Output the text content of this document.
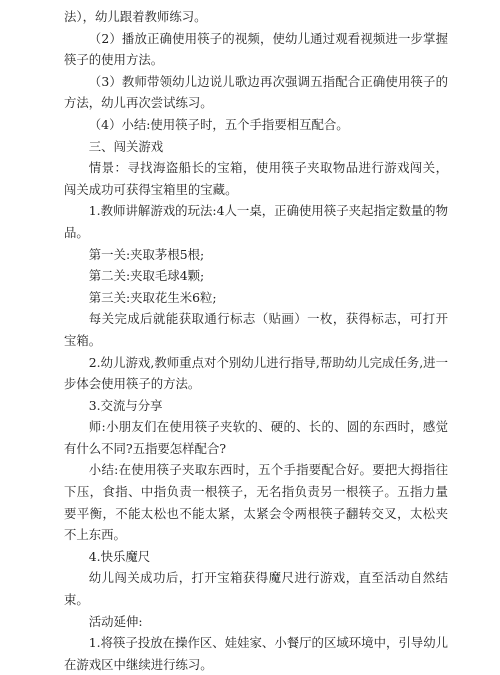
法），幼儿跟着教师练习。

（2）播放正确使用筷子的视频，使幼儿通过观看视频进一步掌握筷子的使用方法。

（3）教师带领幼儿边说儿歌边再次强调五指配合正确使用筷子的方法，幼儿再次尝试练习。

（4）小结:使用筷子时，五个手指要相互配合。

三、闯关游戏

情景：寻找海盗船长的宝箱，使用筷子夹取物品进行游戏闯关，闯关成功可获得宝箱里的宝藏。

1.教师讲解游戏的玩法:4人一桌，正确使用筷子夹起指定数量的物品。

第一关:夹取茅根5根;

第二关:夹取毛球4颗;

第三关:夹取花生米6粒;

每关完成后就能获取通行标志（贴画）一枚，获得标志，可打开宝箱。

2.幼儿游戏,教师重点对个别幼儿进行指导,帮助幼儿完成任务,进一步体会使用筷子的方法。

3.交流与分享

师:小朋友们在使用筷子夹软的、硬的、长的、圆的东西时，感觉有什么不同?五指要怎样配合?

小结:在使用筷子夹取东西时，五个手指要配合好。要把大拇指往下压，食指、中指负责一根筷子，无名指负责另一根筷子。五指力量要平衡，不能太松也不能太紧，太紧会令两根筷子翻转交叉，太松夹不上东西。

4.快乐魔尺

幼儿闯关成功后，打开宝箱获得魔尺进行游戏，直至活动自然结束。

活动延伸:

1.将筷子投放在操作区、娃娃家、小餐厅的区域环境中，引导幼儿在游戏区中继续进行练习。
